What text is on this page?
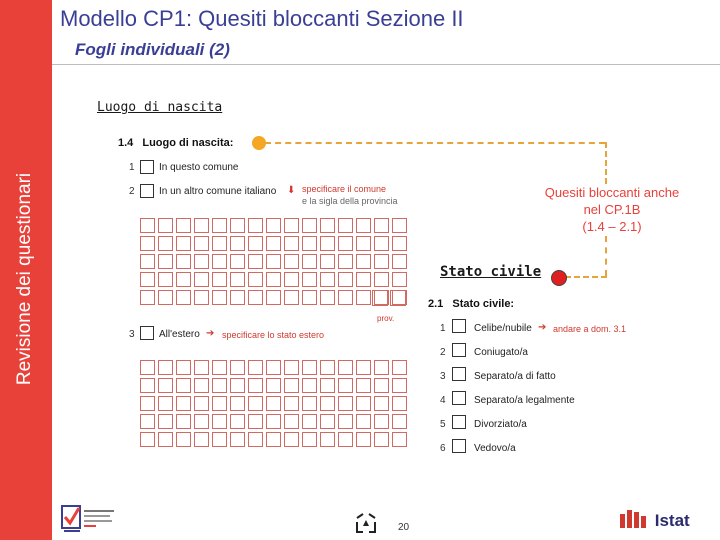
Revisione dei questionari
Modello CP1: Quesiti bloccanti Sezione II
Fogli individuali (2)
Luogo di nascita
Stato civile
Quesiti bloccanti anche
nel CP.1B
(1.4 – 2.1)
1.4 Luogo di nascita:
1 In questo comune
2 In un altro comune italiano ⬇ specificare il comune
e la sigla della provincia
prov.
3 All'estero ➔ specificare lo stato estero
2.1 Stato civile:
1	Celibe/nubile ➔ andare a dom. 3.1
2	Coniugato/a
3	Separato/a di fatto
4	Separato/a legalmente
5	Divorziato/a
6	Vedovo/a
20	Istat
